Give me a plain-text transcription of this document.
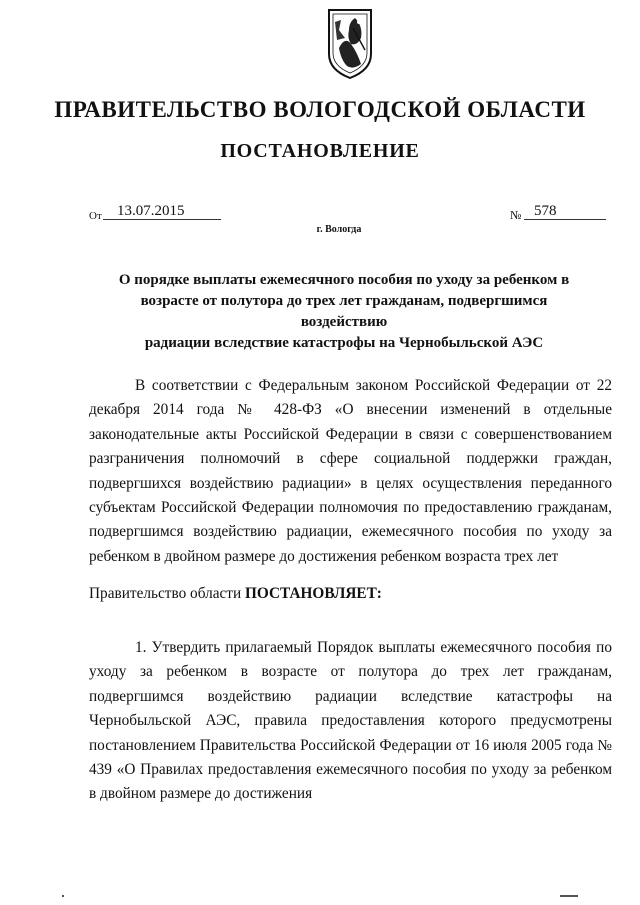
ПРАВИТЕЛЬСТВО ВОЛОГОДСКОЙ ОБЛАСТИ
ПОСТАНОВЛЕНИЕ
От	13.07.2015	№ 578
г. Вологда
О порядке выплаты ежемесячного пособия по уходу за ребенком в
возрасте от полутора до трех лет гражданам, подвергшимся воздействию
радиации вследствие катастрофы на Чернобыльской АЭС
В соответствии с Федеральным законом Российской Федерации от 22 декабря 2014 года № 428-ФЗ «О внесении изменений в отдельные законодательные акты Российской Федерации в связи с совершенствованием разграничения полномочий в сфере социальной поддержки граждан, подвергшихся воздействию радиации» в целях осуществления переданного субъектам Российской Федерации полномочия по предоставлению гражданам, подвергшимся воздействию радиации, ежемесячного пособия по уходу за ребенком в двойном размере до достижения ребенком возраста трех лет
Правительство области ПОСТАНОВЛЯЕТ:
1. Утвердить прилагаемый Порядок выплаты ежемесячного пособия по уходу за ребенком в возрасте от полутора до трех лет гражданам, подвергшимся воздействию радиации вследствие катастрофы на Чернобыльской АЭС, правила предоставления которого предусмотрены постановлением Правительства Российской Федерации от 16 июля 2005 года № 439 «О Правилах предоставления ежемесячного пособия по уходу за ребенком в двойном размере до достижения
